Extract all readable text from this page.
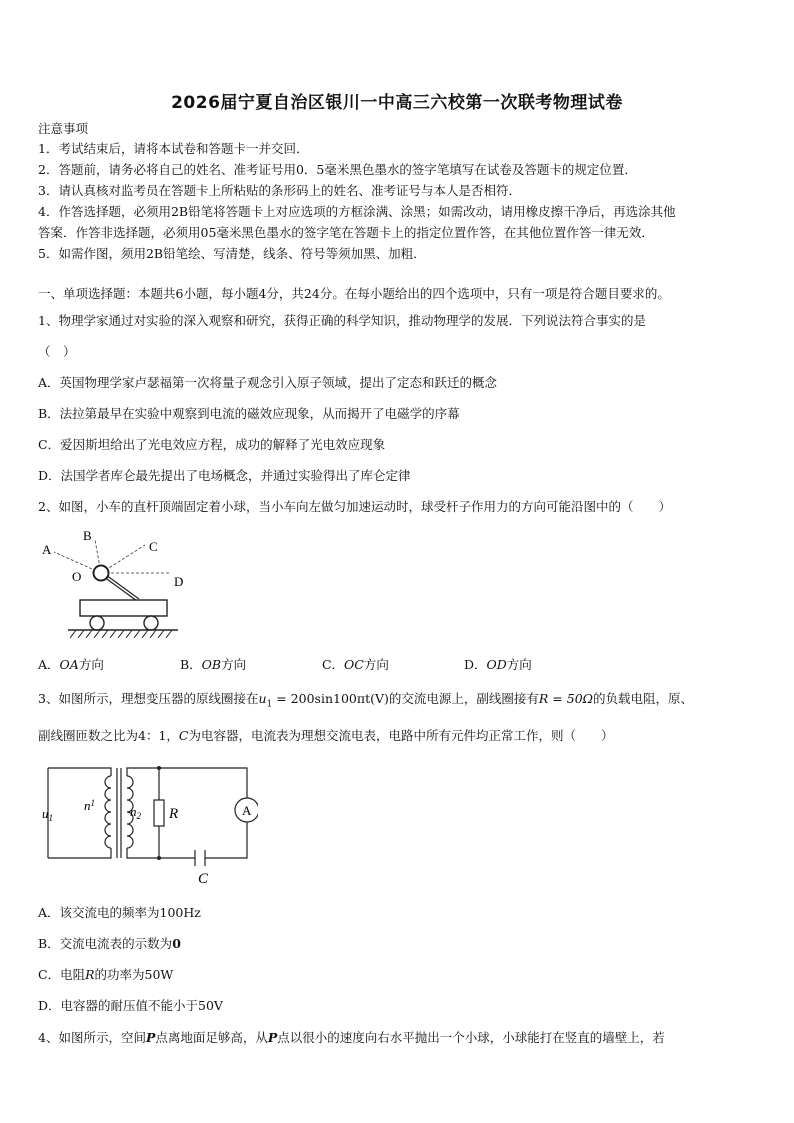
2026届宁夏自治区银川一中高三六校第一次联考物理试卷
注意事项
1．考试结束后，请将本试卷和答题卡一并交回．
2．答题前，请务必将自己的姓名、准考证号用0．5毫米黑色墨水的签字笔填写在试卷及答题卡的规定位置．
3．请认真核对监考员在答题卡上所粘贴的条形码上的姓名、准考证号与本人是否相符．
4．作答选择题，必须用2B铅笔将答题卡上对应选项的方框涂满、涂黑；如需改动，请用橡皮擦干净后，再选涂其他
答案．作答非选择题，必须用05毫米黑色墨水的签字笔在答题卡上的指定位置作答，在其他位置作答一律无效．
5．如需作图，须用2B铅笔绘、写清楚，线条、符号等须加黑、加粗．
一、单项选择题：本题共6小题，每小题4分，共24分。在每小题给出的四个选项中，只有一项是符合题目要求的。
1、物理学家通过对实验的深入观察和研究，获得正确的科学知识，推动物理学的发展．下列说法符合事实的是
（　）
A．英国物理学家卢瑟福第一次将量子观念引入原子领域，提出了定态和跃迁的概念
B．法拉第最早在实验中观察到电流的磁效应现象，从而揭开了电磁学的序幕
C．爱因斯坦给出了光电效应方程，成功的解释了光电效应现象
D．法国学者库仑最先提出了电场概念，并通过实验得出了库仑定律
2、如图，小车的直杆顶端固定着小球，当小车向左做匀加速运动时，球受杆子作用力的方向可能沿图中的（　　）
A
B
C
D
O
A．OA方向	B．OB方向	C．OC方向	D．OD方向
3、如图所示，理想变压器的原线圈接在$u_1 = 200\sin 100\pi t(V)$的交流电源上，副线圈接有R = 50Ω的负载电阻，原、
副线圈匝数之比为4：1，C为电容器，电流表为理想交流电表，电路中所有元件均正常工作，则（　　）
$u_1$
$n^1$
$n_2$ R	A
C
A．该交流电的频率为100Hz
B．交流电流表的示数为0
C．电阻R的功率为50W
D．电容器的耐压值不能小于50V
4、如图所示，空间P点离地面足够高，从P点以很小的速度向右水平抛出一个小球，小球能打在竖直的墙壁上，若
